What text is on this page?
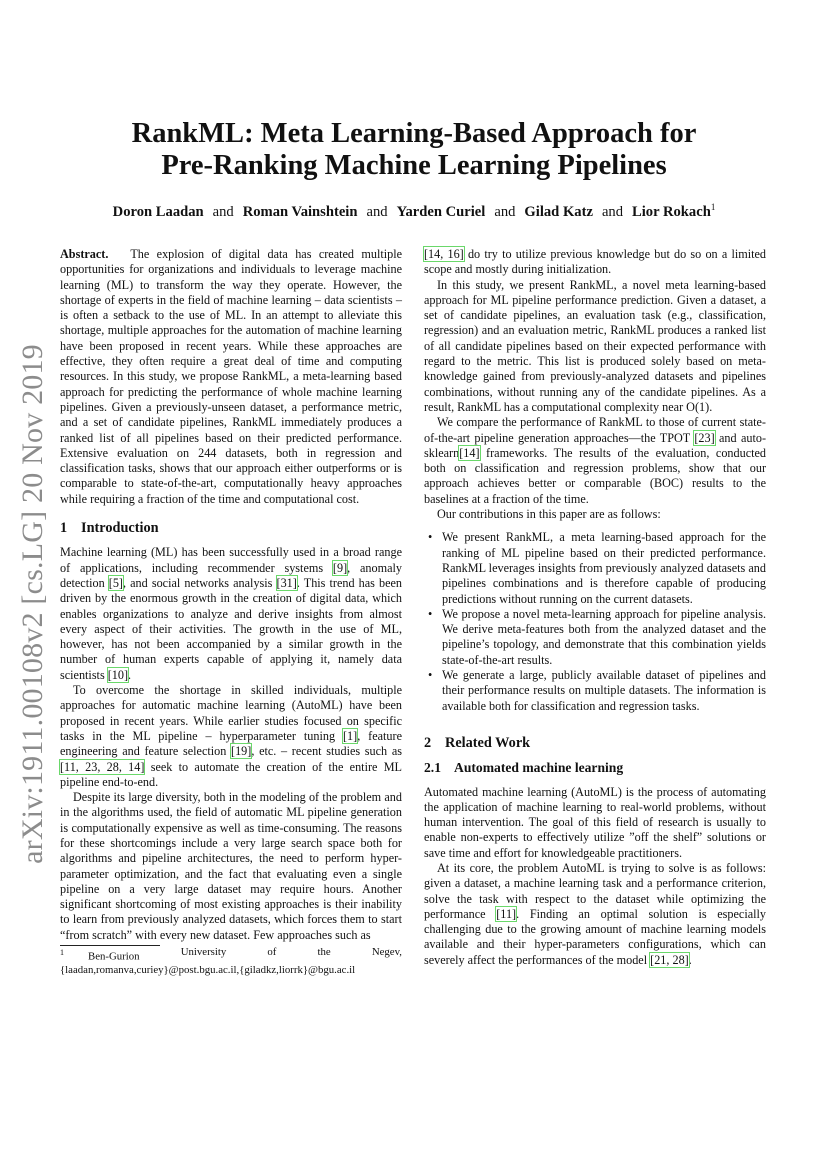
arXiv:1911.00108v2 [cs.LG] 20 Nov 2019
RankML: Meta Learning-Based Approach for
Pre-Ranking Machine Learning Pipelines
Doron Laadan and Roman Vainshtein and Yarden Curiel and Gilad Katz and Lior Rokach$^1$

Abstract. The explosion of digital data has created multiple opportunities for organizations and individuals to leverage machine learning (ML) to transform the way they operate. However, the shortage of experts in the field of machine learning – data scientists – is often a setback to the use of ML. In an attempt to alleviate this shortage, multiple approaches for the automation of machine learning have been proposed in recent years. While these approaches are effective, they often require a great deal of time and computing resources. In this study, we propose RankML, a meta-learning based approach for predicting the performance of whole machine learning pipelines. Given a previously-unseen dataset, a performance metric, and a set of candidate pipelines, RankML immediately produces a ranked list of all pipelines based on their predicted performance. Extensive evaluation on 244 datasets, both in regression and classification tasks, shows that our approach either outperforms or is comparable to state-of-the-art, computationally heavy approaches while requiring a fraction of the time and computational cost.

1 Introduction

Machine learning (ML) has been successfully used in a broad range of applications, including recommender systems [9], anomaly detection [5], and social networks analysis [31]. This trend has been driven by the enormous growth in the creation of digital data, which enables organizations to analyze and derive insights from almost every aspect of their activities. The growth in the use of ML, however, has not been accompanied by a similar growth in the number of human experts capable of applying it, namely data scientists [10].

To overcome the shortage in skilled individuals, multiple approaches for automatic machine learning (AutoML) have been proposed in recent years. While earlier studies focused on specific tasks in the ML pipeline – hyperparameter tuning [1], feature engineering and feature selection [19], etc. – recent studies such as [11, 23, 28, 14] seek to automate the creation of the entire ML pipeline end-to-end.

Despite its large diversity, both in the modeling of the problem and in the algorithms used, the field of automatic ML pipeline generation is computationally expensive as well as time-consuming. The reasons for these shortcomings include a very large search space both for algorithms and pipeline architectures, the need to perform hyper-parameter optimization, and the fact that evaluating even a single pipeline on a very large dataset may require hours. Another significant shortcoming of most existing approaches is their inability to learn from previously analyzed datasets, which forces them to start “from scratch” with every new dataset. Few approaches such as

$^1$ Ben-Gurion	University	of	the	Negev,
{laadan,romanva,curiey}@post.bgu.ac.il,{giladkz,liorrk}@bgu.ac.il

[14, 16] do try to utilize previous knowledge but do so on a limited scope and mostly during initialization.

In this study, we present RankML, a novel meta learning-based approach for ML pipeline performance prediction. Given a dataset, a set of candidate pipelines, an evaluation task (e.g., classification, regression) and an evaluation metric, RankML produces a ranked list of all candidate pipelines based on their expected performance with regard to the metric. This list is produced solely based on meta-knowledge gained from previously-analyzed datasets and pipelines combinations, without running any of the candidate pipelines. As a result, RankML has a computational complexity near O(1).

We compare the performance of RankML to those of current state-of-the-art pipeline generation approaches—the TPOT [23] and auto-sklearn[14] frameworks. The results of the evaluation, conducted both on classification and regression problems, show that our approach achieves better or comparable (BOC) results to the baselines at a fraction of the time.

Our contributions in this paper are as follows:

• We present RankML, a meta learning-based approach for the ranking of ML pipeline based on their predicted performance. RankML leverages insights from previously analyzed datasets and pipelines combinations and is therefore capable of producing predictions without running on the current datasets.
• We propose a novel meta-learning approach for pipeline analysis. We derive meta-features both from the analyzed dataset and the pipeline’s topology, and demonstrate that this combination yields state-of-the-art results.
• We generate a large, publicly available dataset of pipelines and their performance results on multiple datasets. The information is available both for classification and regression tasks.
2 Related Work
2.1 Automated machine learning

Automated machine learning (AutoML) is the process of automating the application of machine learning to real-world problems, without human intervention. The goal of this field of research is usually to enable non-experts to effectively utilize ”off the shelf” solutions or save time and effort for knowledgeable practitioners.

At its core, the problem AutoML is trying to solve is as follows: given a dataset, a machine learning task and a performance criterion, solve the task with respect to the dataset while optimizing the performance [11]. Finding an optimal solution is especially challenging due to the growing amount of machine learning models available and their hyper-parameters configurations, which can severely affect the performances of the model [21, 28].
